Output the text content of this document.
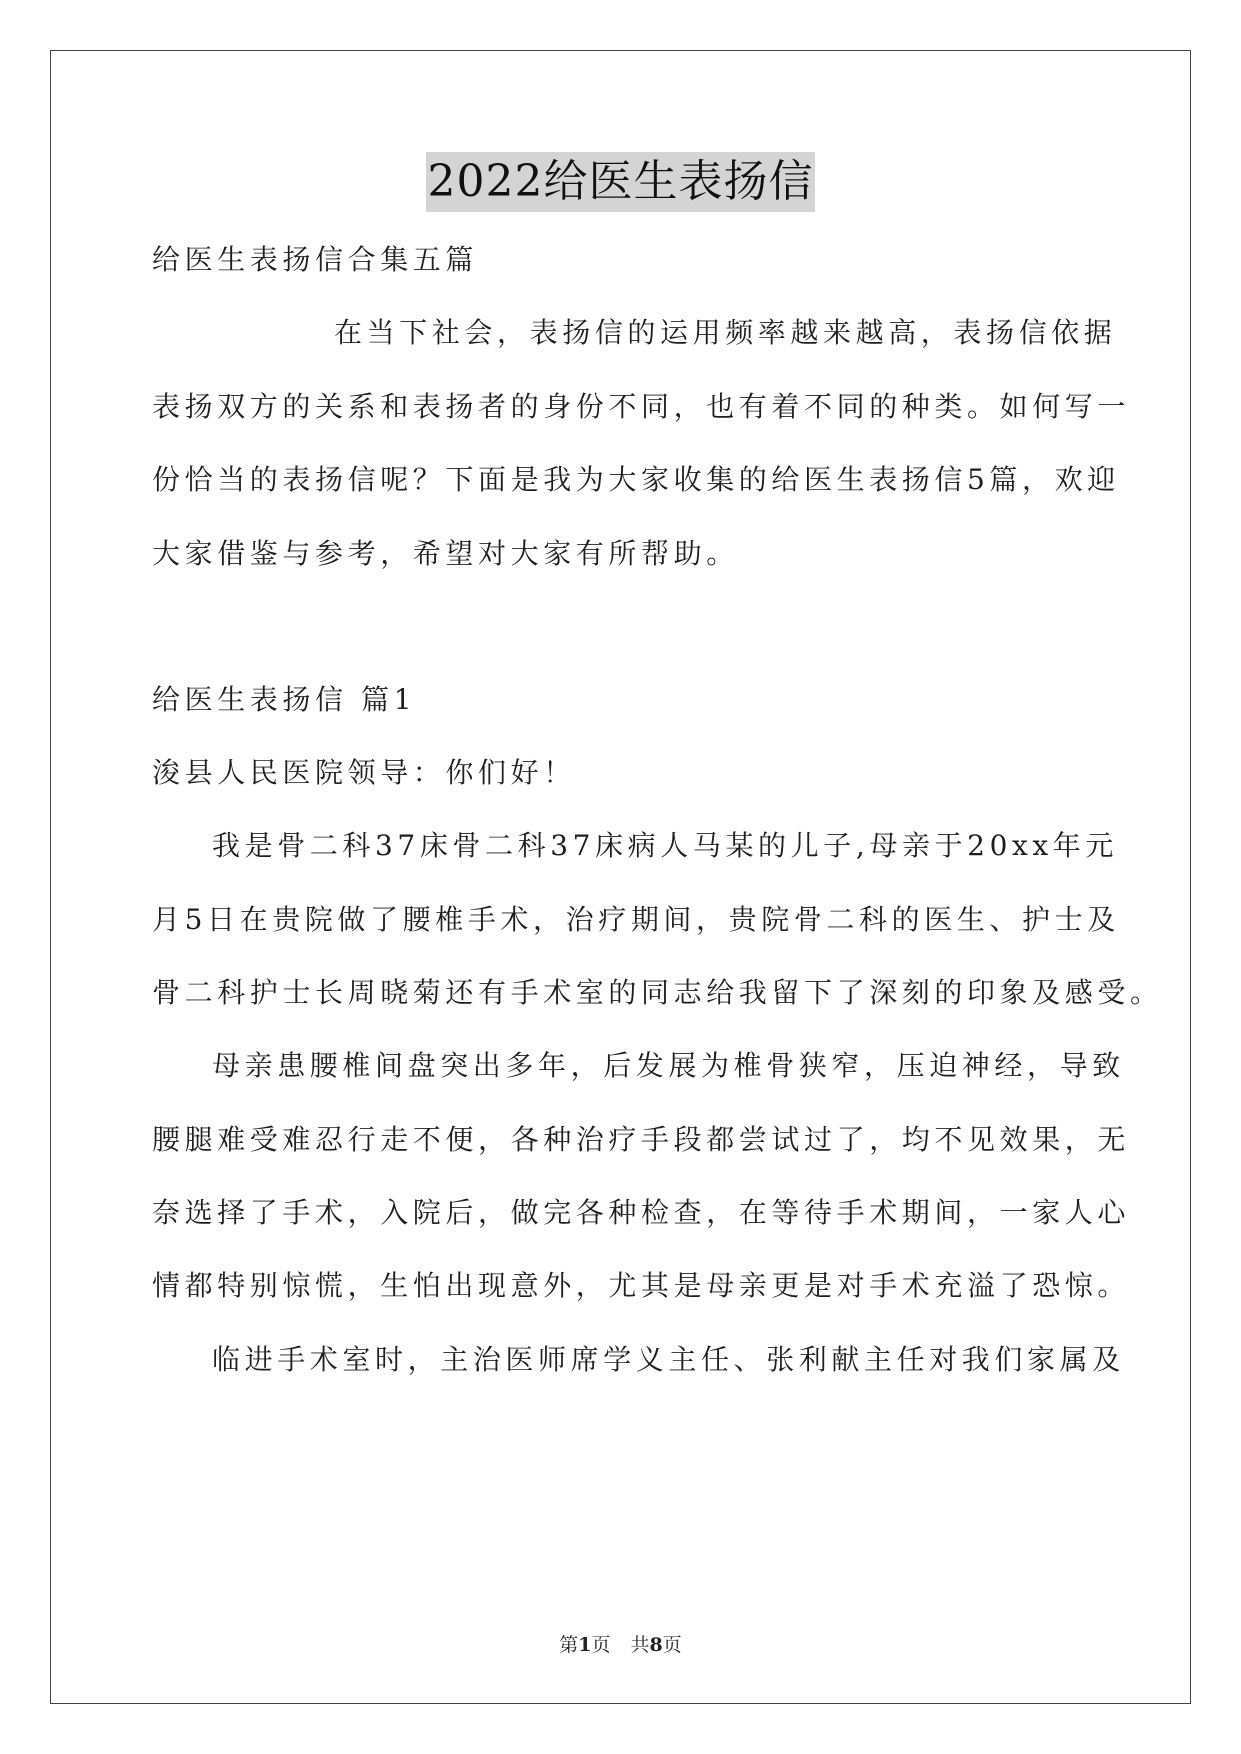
2022给医生表扬信
给医生表扬信合集五篇
在当下社会，表扬信的运用频率越来越高，表扬信依据
表扬双方的关系和表扬者的身份不同，也有着不同的种类。如何写一
份恰当的表扬信呢？下面是我为大家收集的给医生表扬信5篇，欢迎
大家借鉴与参考，希望对大家有所帮助。
给医生表扬信 篇1
浚县人民医院领导：你们好！
我是骨二科37床骨二科37床病人马某的儿子,母亲于20xx年元
月5日在贵院做了腰椎手术，治疗期间，贵院骨二科的医生、护士及
骨二科护士长周晓菊还有手术室的同志给我留下了深刻的印象及感受。
母亲患腰椎间盘突出多年，后发展为椎骨狭窄，压迫神经，导致
腰腿难受难忍行走不便，各种治疗手段都尝试过了，均不见效果，无
奈选择了手术，入院后，做完各种检查，在等待手术期间，一家人心
情都特别惊慌，生怕出现意外，尤其是母亲更是对手术充溢了恐惊。
临进手术室时，主治医师席学义主任、张利献主任对我们家属及
第1页 共8页
